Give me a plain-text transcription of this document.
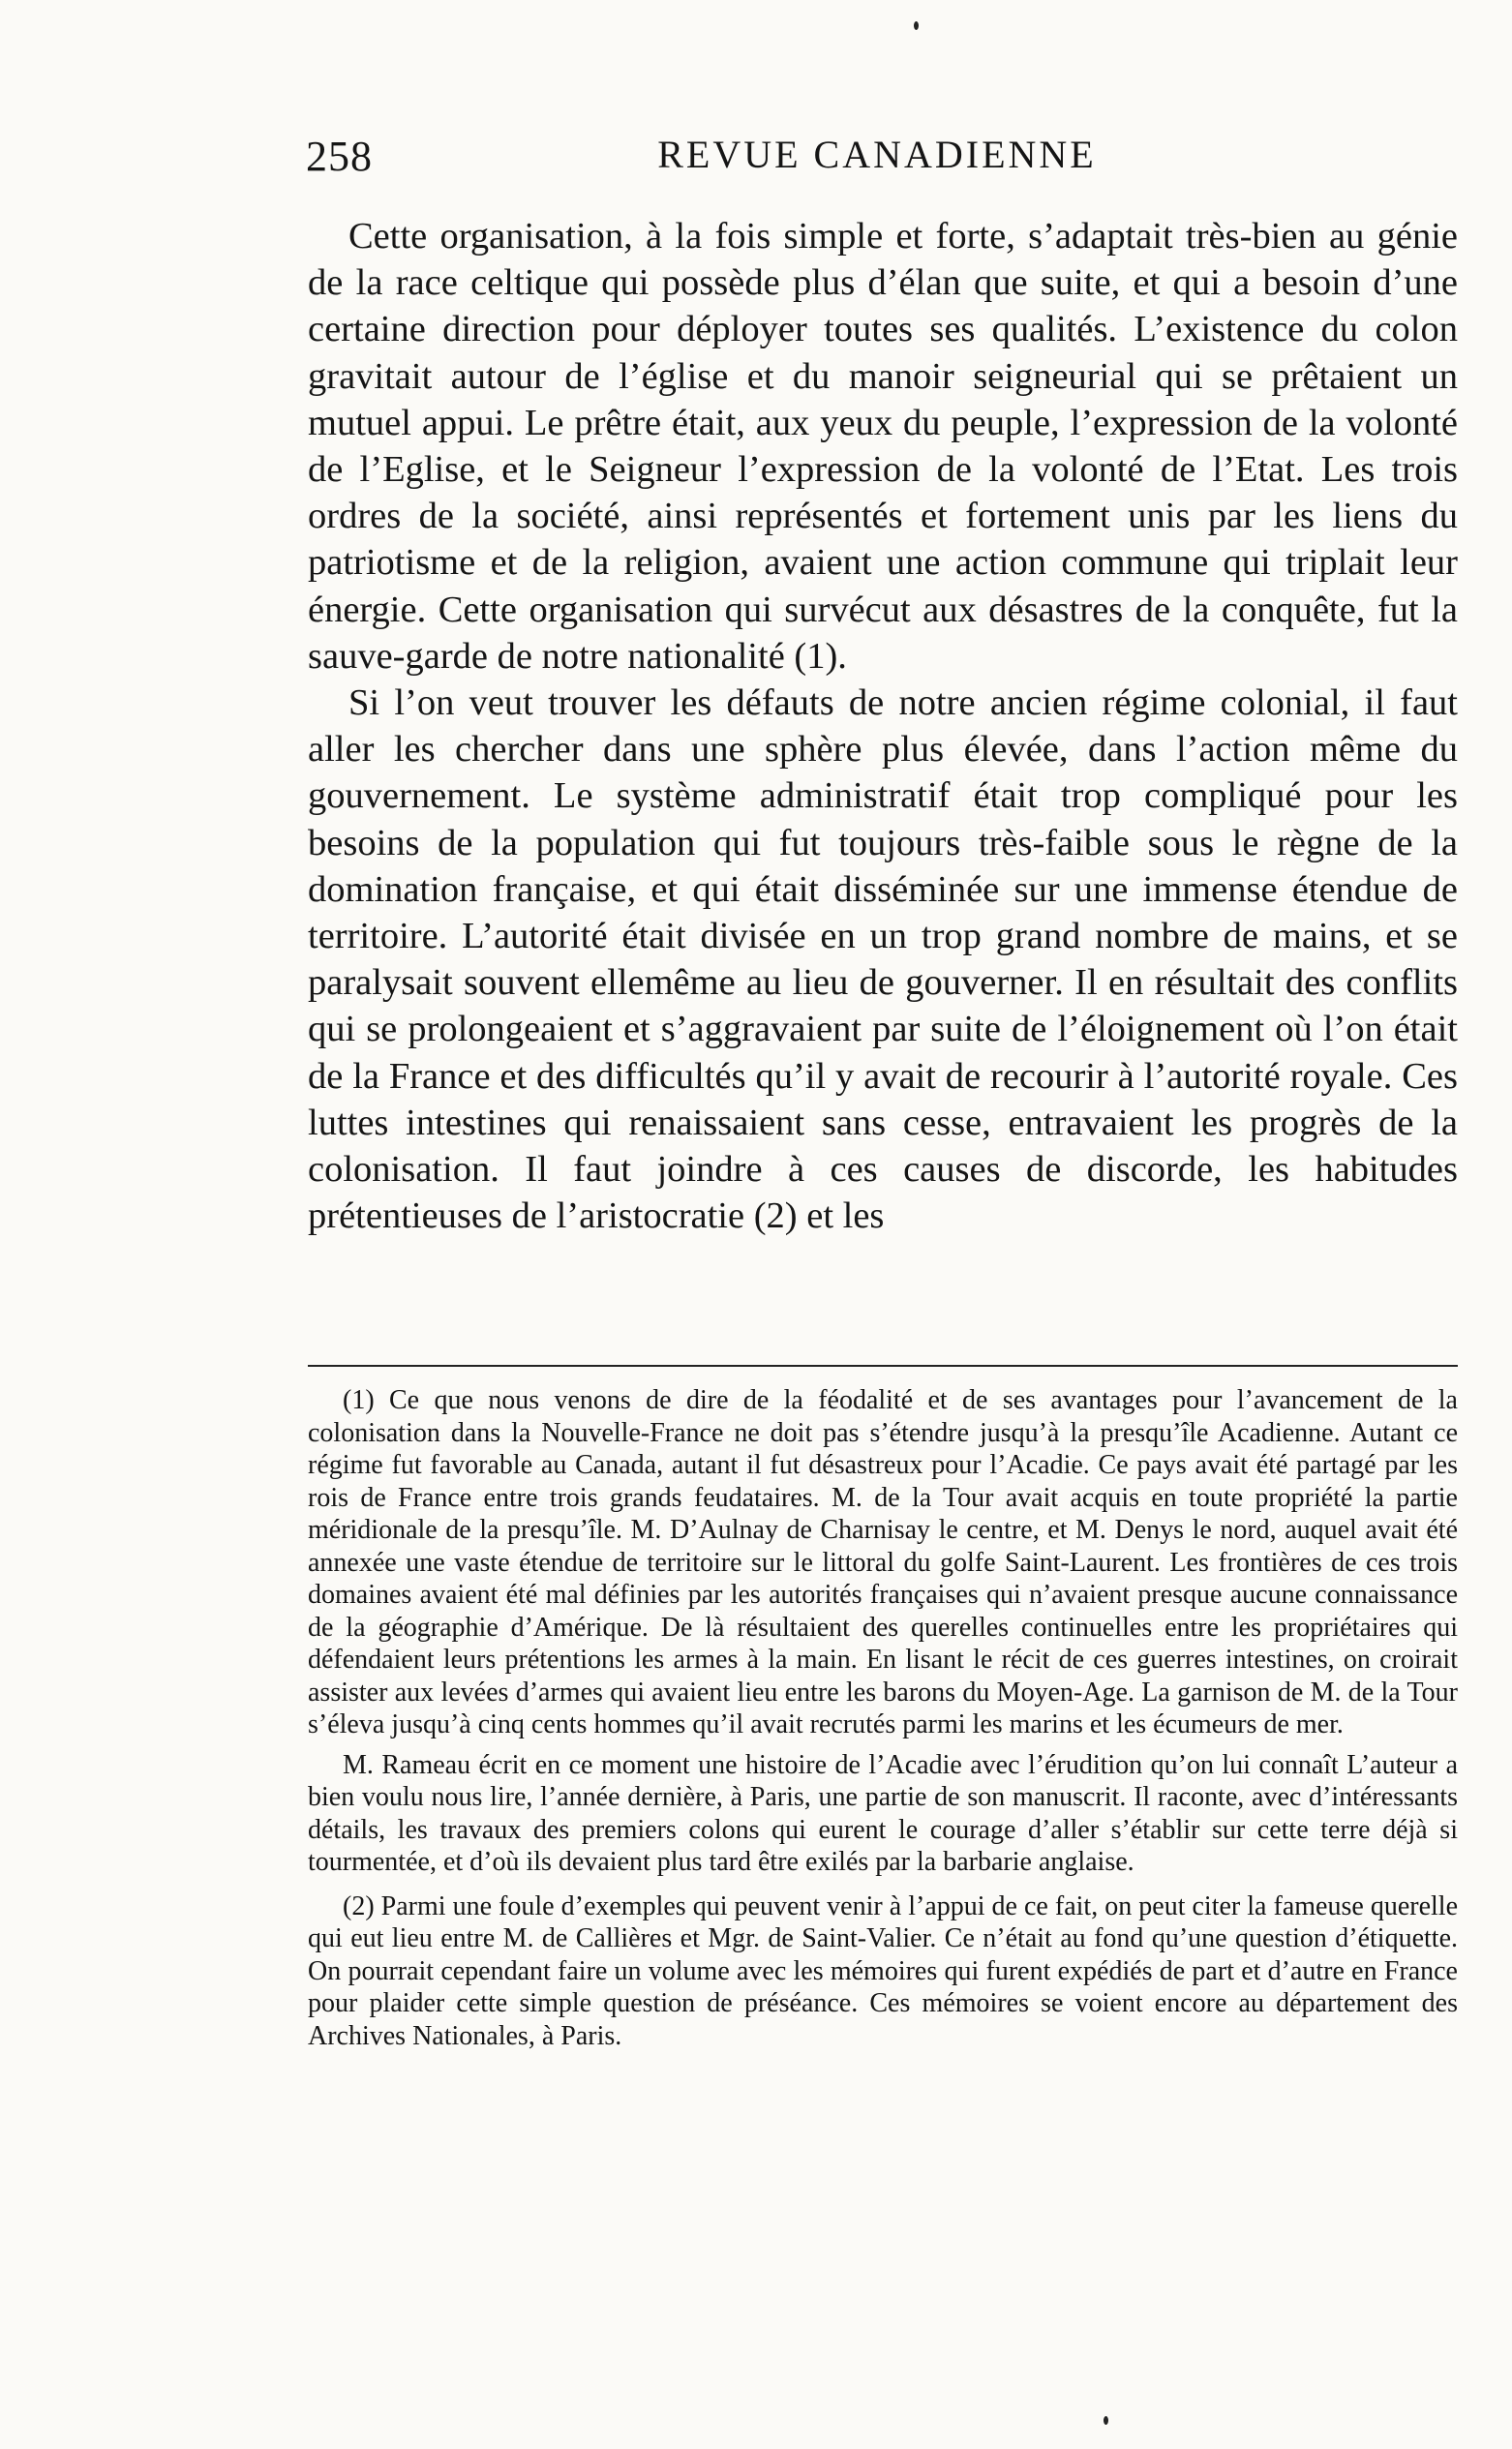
258	REVUE CANADIENNE

Cette organisation, à la fois simple et forte, s’adaptait très-bien au génie de la race celtique qui possède plus d’élan que suite, et qui a besoin d’une certaine direction pour déployer toutes ses qualités. L’existence du colon gravitait autour de l’église et du manoir seigneurial qui se prêtaient un mutuel appui. Le prêtre était, aux yeux du peuple, l’expression de la volonté de l’Eglise, et le Seigneur l’expression de la volonté de l’Etat. Les trois ordres de la société, ainsi représentés et fortement unis par les liens du patriotisme et de la religion, avaient une action commune qui triplait leur énergie. Cette organisation qui survécut aux désastres de la conquête, fut la sauve-garde de notre nationalité (1).

Si l’on veut trouver les défauts de notre ancien régime colonial, il faut aller les chercher dans une sphère plus élevée, dans l’action même du gouvernement. Le système administratif était trop compliqué pour les besoins de la population qui fut toujours très-faible sous le règne de la domination française, et qui était disséminée sur une immense étendue de territoire. L’autorité était divisée en un trop grand nombre de mains, et se paralysait souvent ellemême au lieu de gouverner. Il en résultait des conflits qui se prolongeaient et s’aggravaient par suite de l’éloignement où l’on était de la France et des difficultés qu’il y avait de recourir à l’autorité royale. Ces luttes intestines qui renaissaient sans cesse, entravaient les progrès de la colonisation. Il faut joindre à ces causes de discorde, les habitudes prétentieuses de l’aristocratie (2) et les

(1) Ce que nous venons de dire de la féodalité et de ses avantages pour l’avancement de la colonisation dans la Nouvelle-France ne doit pas s’étendre jusqu’à la presqu’île Acadienne. Autant ce régime fut favorable au Canada, autant il fut désastreux pour l’Acadie. Ce pays avait été partagé par les rois de France entre trois grands feudataires. M. de la Tour avait acquis en toute propriété la partie méridionale de la presqu’île. M. D’Aulnay de Charnisay le centre, et M. Denys le nord, auquel avait été annexée une vaste étendue de territoire sur le littoral du golfe Saint-Laurent. Les frontières de ces trois domaines avaient été mal définies par les autorités françaises qui n’avaient presque aucune connaissance de la géographie d’Amérique. De là résultaient des querelles continuelles entre les propriétaires qui défendaient leurs prétentions les armes à la main. En lisant le récit de ces guerres intestines, on croirait assister aux levées d’armes qui avaient lieu entre les barons du Moyen-Age. La garnison de M. de la Tour s’éleva jusqu’à cinq cents hommes qu’il avait recrutés parmi les marins et les écumeurs de mer.

M. Rameau écrit en ce moment une histoire de l’Acadie avec l’érudition qu’on lui connaît L’auteur a bien voulu nous lire, l’année dernière, à Paris, une partie de son manuscrit. Il raconte, avec d’intéressants détails, les travaux des premiers colons qui eurent le courage d’aller s’établir sur cette terre déjà si tourmentée, et d’où ils devaient plus tard être exilés par la barbarie anglaise.

(2) Parmi une foule d’exemples qui peuvent venir à l’appui de ce fait, on peut citer la fameuse querelle qui eut lieu entre M. de Callières et Mgr. de Saint-Valier. Ce n’était au fond qu’une question d’étiquette. On pourrait cependant faire un volume avec les mémoires qui furent expédiés de part et d’autre en France pour plaider cette simple question de préséance. Ces mémoires se voient encore au département des Archives Nationales, à Paris.
